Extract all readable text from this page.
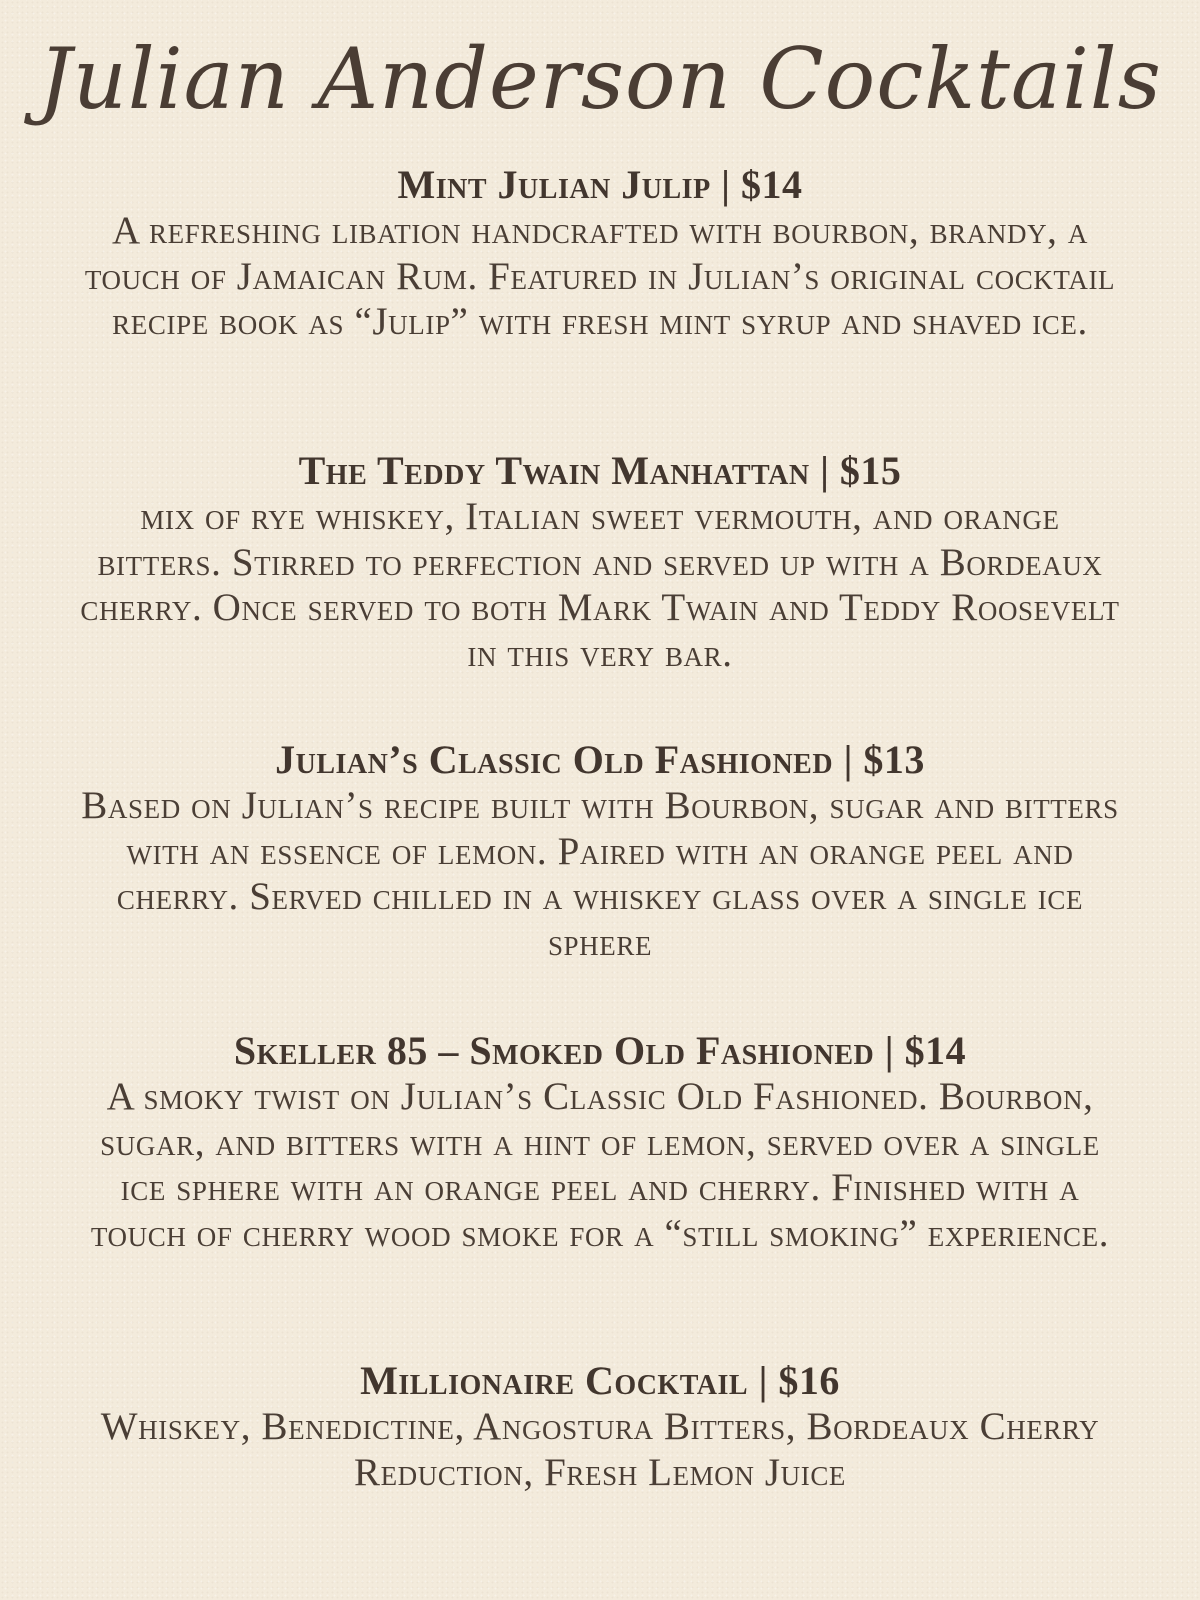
Julian Anderson Cocktails
Mint Julian Julip | $14

A refreshing libation handcrafted with bourbon, brandy, a touch of Jamaican Rum. Featured in Julian’s original cocktail recipe book as “Julip” with fresh mint syrup and shaved ice.

The Teddy Twain Manhattan | $15

mix of rye whiskey, Italian sweet vermouth, and orange bitters. Stirred to perfection and served up with a Bordeaux cherry. Once served to both Mark Twain and Teddy Roosevelt in this very bar.

Julian’s Classic Old Fashioned | $13

Based on Julian’s recipe built with Bourbon, sugar and bitters with an essence of lemon. Paired with an orange peel and cherry. Served chilled in a whiskey glass over a single ice sphere

Skeller 85 – Smoked Old Fashioned | $14

A smoky twist on Julian’s Classic Old Fashioned. Bourbon, sugar, and bitters with a hint of lemon, served over a single ice sphere with an orange peel and cherry. Finished with a touch of cherry wood smoke for a “still smoking” experience.

Millionaire Cocktail | $16

Whiskey, Benedictine, Angostura Bitters, Bordeaux Cherry Reduction, Fresh Lemon Juice
